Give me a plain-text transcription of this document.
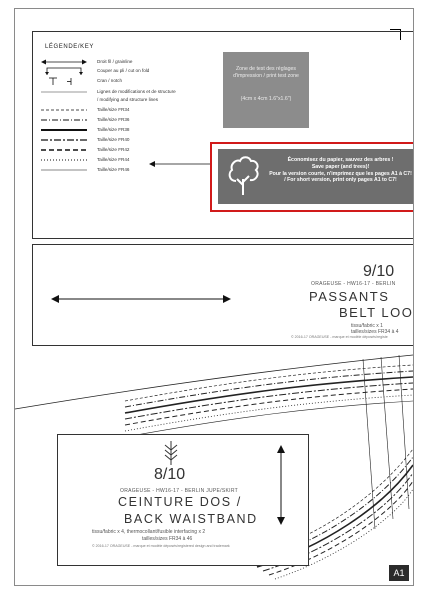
LÉGENDE/KEY
Droit fil / grainline
Couper au pli / cut on fold
Cran / notch
Lignes de modifications et de structure
/ modifying and structure lines
Taille/size FR34
Taille/size FR36
Taille/size FR38
Taille/size FR40
Taille/size FR42
Taille/size FR44
Taille/size FR46
Zone de test des réglages d'impression / print test zone
(4cm x 4cm 1.6"x1.6")
Économisez du papier, sauvez des arbres !
Save paper (and trees)!
Pour la version courte, n'imprimez que les pages A1 à C7! / For short version, print only pages A1 to C7!
9/10
ORAGEUSE - HW16-17 - BERLIN
PASSANTS
BELT LOO
tissu/fabric x 1
tailles/sizes FR34 à 4
© 2016-17 ORAGEUSE - marque et modèle déposés/registe
8/10
ORAGEUSE - HW16-17 - BERLIN JUPE/SKIRT
CEINTURE DOS /
BACK WAISTBAND
tissu/fabric x 4, thermocollant/fusible interfacing x 2
tailles/sizes FR34 à 46
© 2016-17 ORAGEUSE - marque et modèle déposés/registered design and trademark
A1
